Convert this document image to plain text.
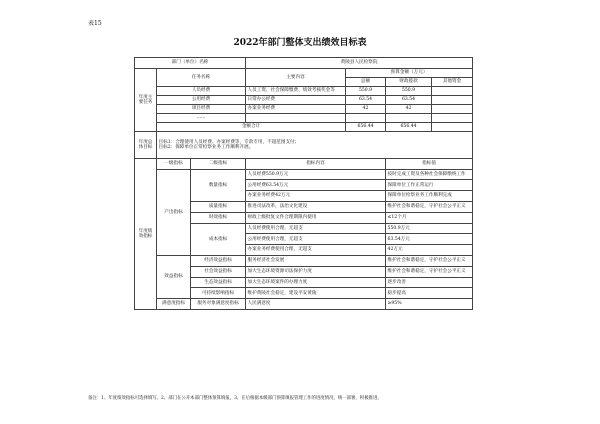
表15
2022年部门整体支出绩效目标表
部门（单位）名称			黄陵县人民检察院			
年度主要任务	任务名称		主要内容	预算金额（万元）		
				总额	财政拨款	其他资金
	人员经费		人员工资、社会保障缴费、绩效考核奖金等	550.9	550.9	
	公用经费		日常办公经费	63.54	63.54	
	项目经费		办案业务经费	42	42	
	……					
	金额合计			656.44	656.44	
年度总体目标	目标1：合理使用人员经费、办案经费等，专款专用，不超范围支付；
目标2：保障单位正常检察业务工作顺利开展。					

年度绩效指标	一级指标	二级指标	指标内容		指标值	
	产出指标	数量指标	人员经费550.9万元		按时完成工资及各种社会保障缴纳工作	
			公用经费63.54万元		保障单位工作正常运行	
			办案业务经费42万元		保障单位检察业务工作顺利完成	
		质量指标	推进司法改革，法治文化建设		维护社会和谐稳定，守护社会公平正义	
		时效指标	财政上级批复文件合理期限内使用		≤12个月	
		成本指标	人员经费使用合理，无超支		550.9万元	
			公用经费使用合理，无超支		63.54万元	
			办案业务经费使用合理，无超支		42万元	
	效益指标	经济效益指标	服务经济社会发展		维护社会和谐稳定，守护社会公平正义	
		社会效益指标	加大生态环境资源司法保护力度		维护社会和谐稳定，守护社会公平正义	
		生态效益指标	加大生态环境案件的办理力度		逐步改善	
		可持续影响指标	维护黄陵社会稳定，建设平安黄陵		稳步提高	
	满意度指标	服务对象满意度指标	人民满意度		≥95%	
备注：1、年度绩效指标可选择填写。2、部门在公开本部门整体预算填报，3、在后根据本级部门预算填报管理工作的进度情况，统一部署，积极推进。
